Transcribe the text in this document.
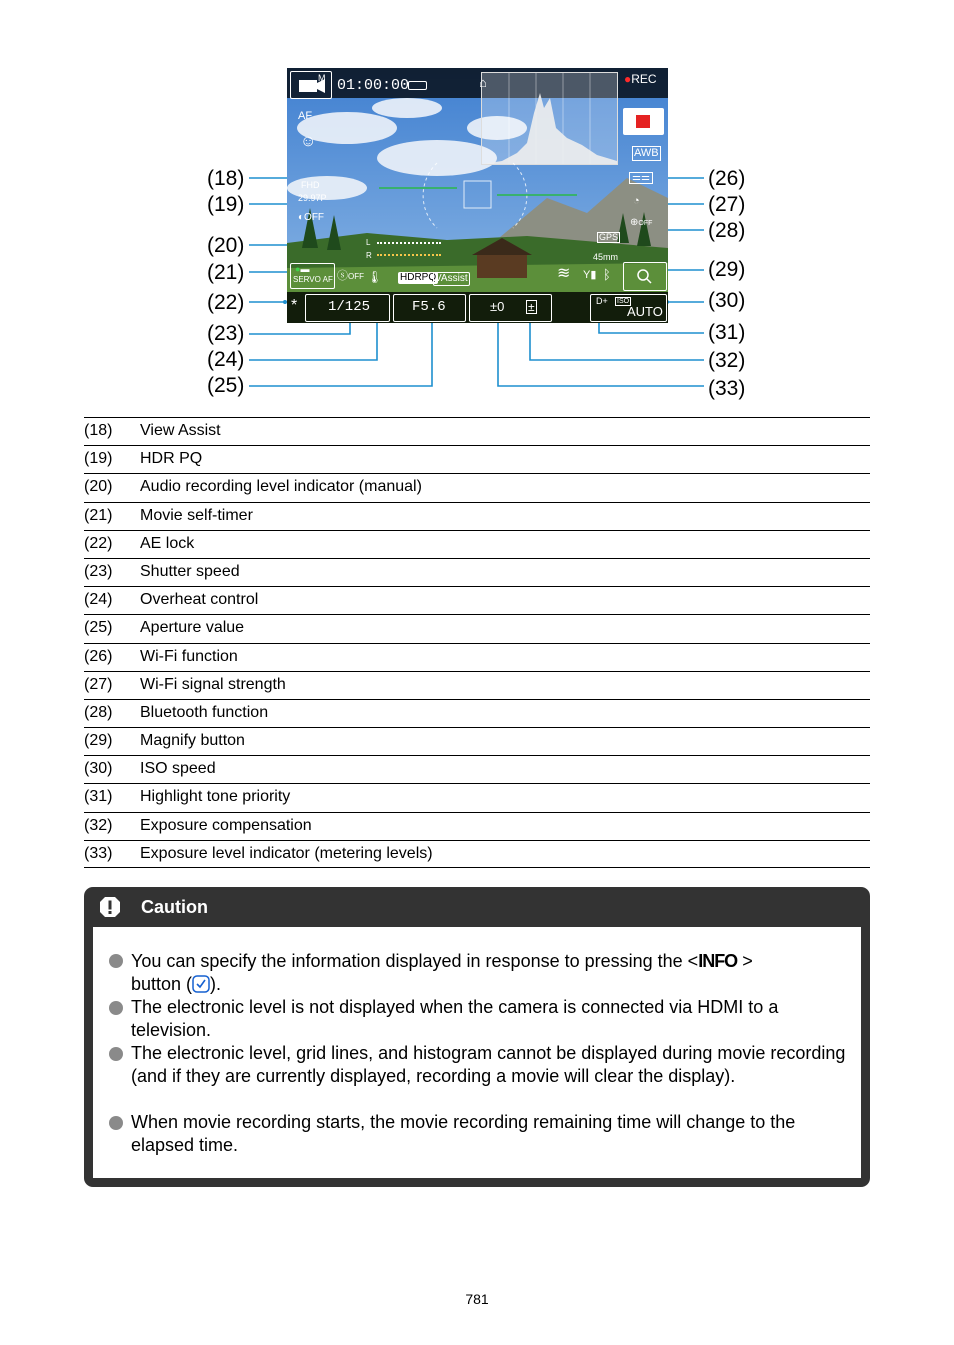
(18)
(19)
(20)
(21)
(22)
(23)
(24)
(25)
(26)
(27)
(28)
(29)
(30)
(31)
(32)
(33)
M 01:00:00	●REC
⌂
AF
☺
FHD
29.97P
◐OFF
L
R
SERVO AF
●▬
ⓢOFF 🌡 HDRPQ
VAssist	≋ Y▮ ᛒ
GPS
45mm
AWB
⚌⚌
◔
⊕OFF
* 1/125	F5.6	±0 ±	D+ ISO
AUTO
(18) View Assist
(19) HDR PQ
(20) Audio recording level indicator (manual)
(21) Movie self-timer
(22) AE lock
(23) Shutter speed
(24) Overheat control
(25) Aperture value
(26) Wi-Fi function
(27) Wi-Fi signal strength
(28) Bluetooth function
(29) Magnify button
(30) ISO speed
(31) Highlight tone priority
(32) Exposure compensation
(33) Exposure level indicator (metering levels)
Caution
You can specify the information displayed in response to pressing the <INFO >
button ( ).
The electronic level is not displayed when the camera is connected via HDMI to a television.
The electronic level, grid lines, and histogram cannot be displayed during movie recording (and if they are currently displayed, recording a movie will clear the display).
When movie recording starts, the movie recording remaining time will change to the elapsed time.
781
